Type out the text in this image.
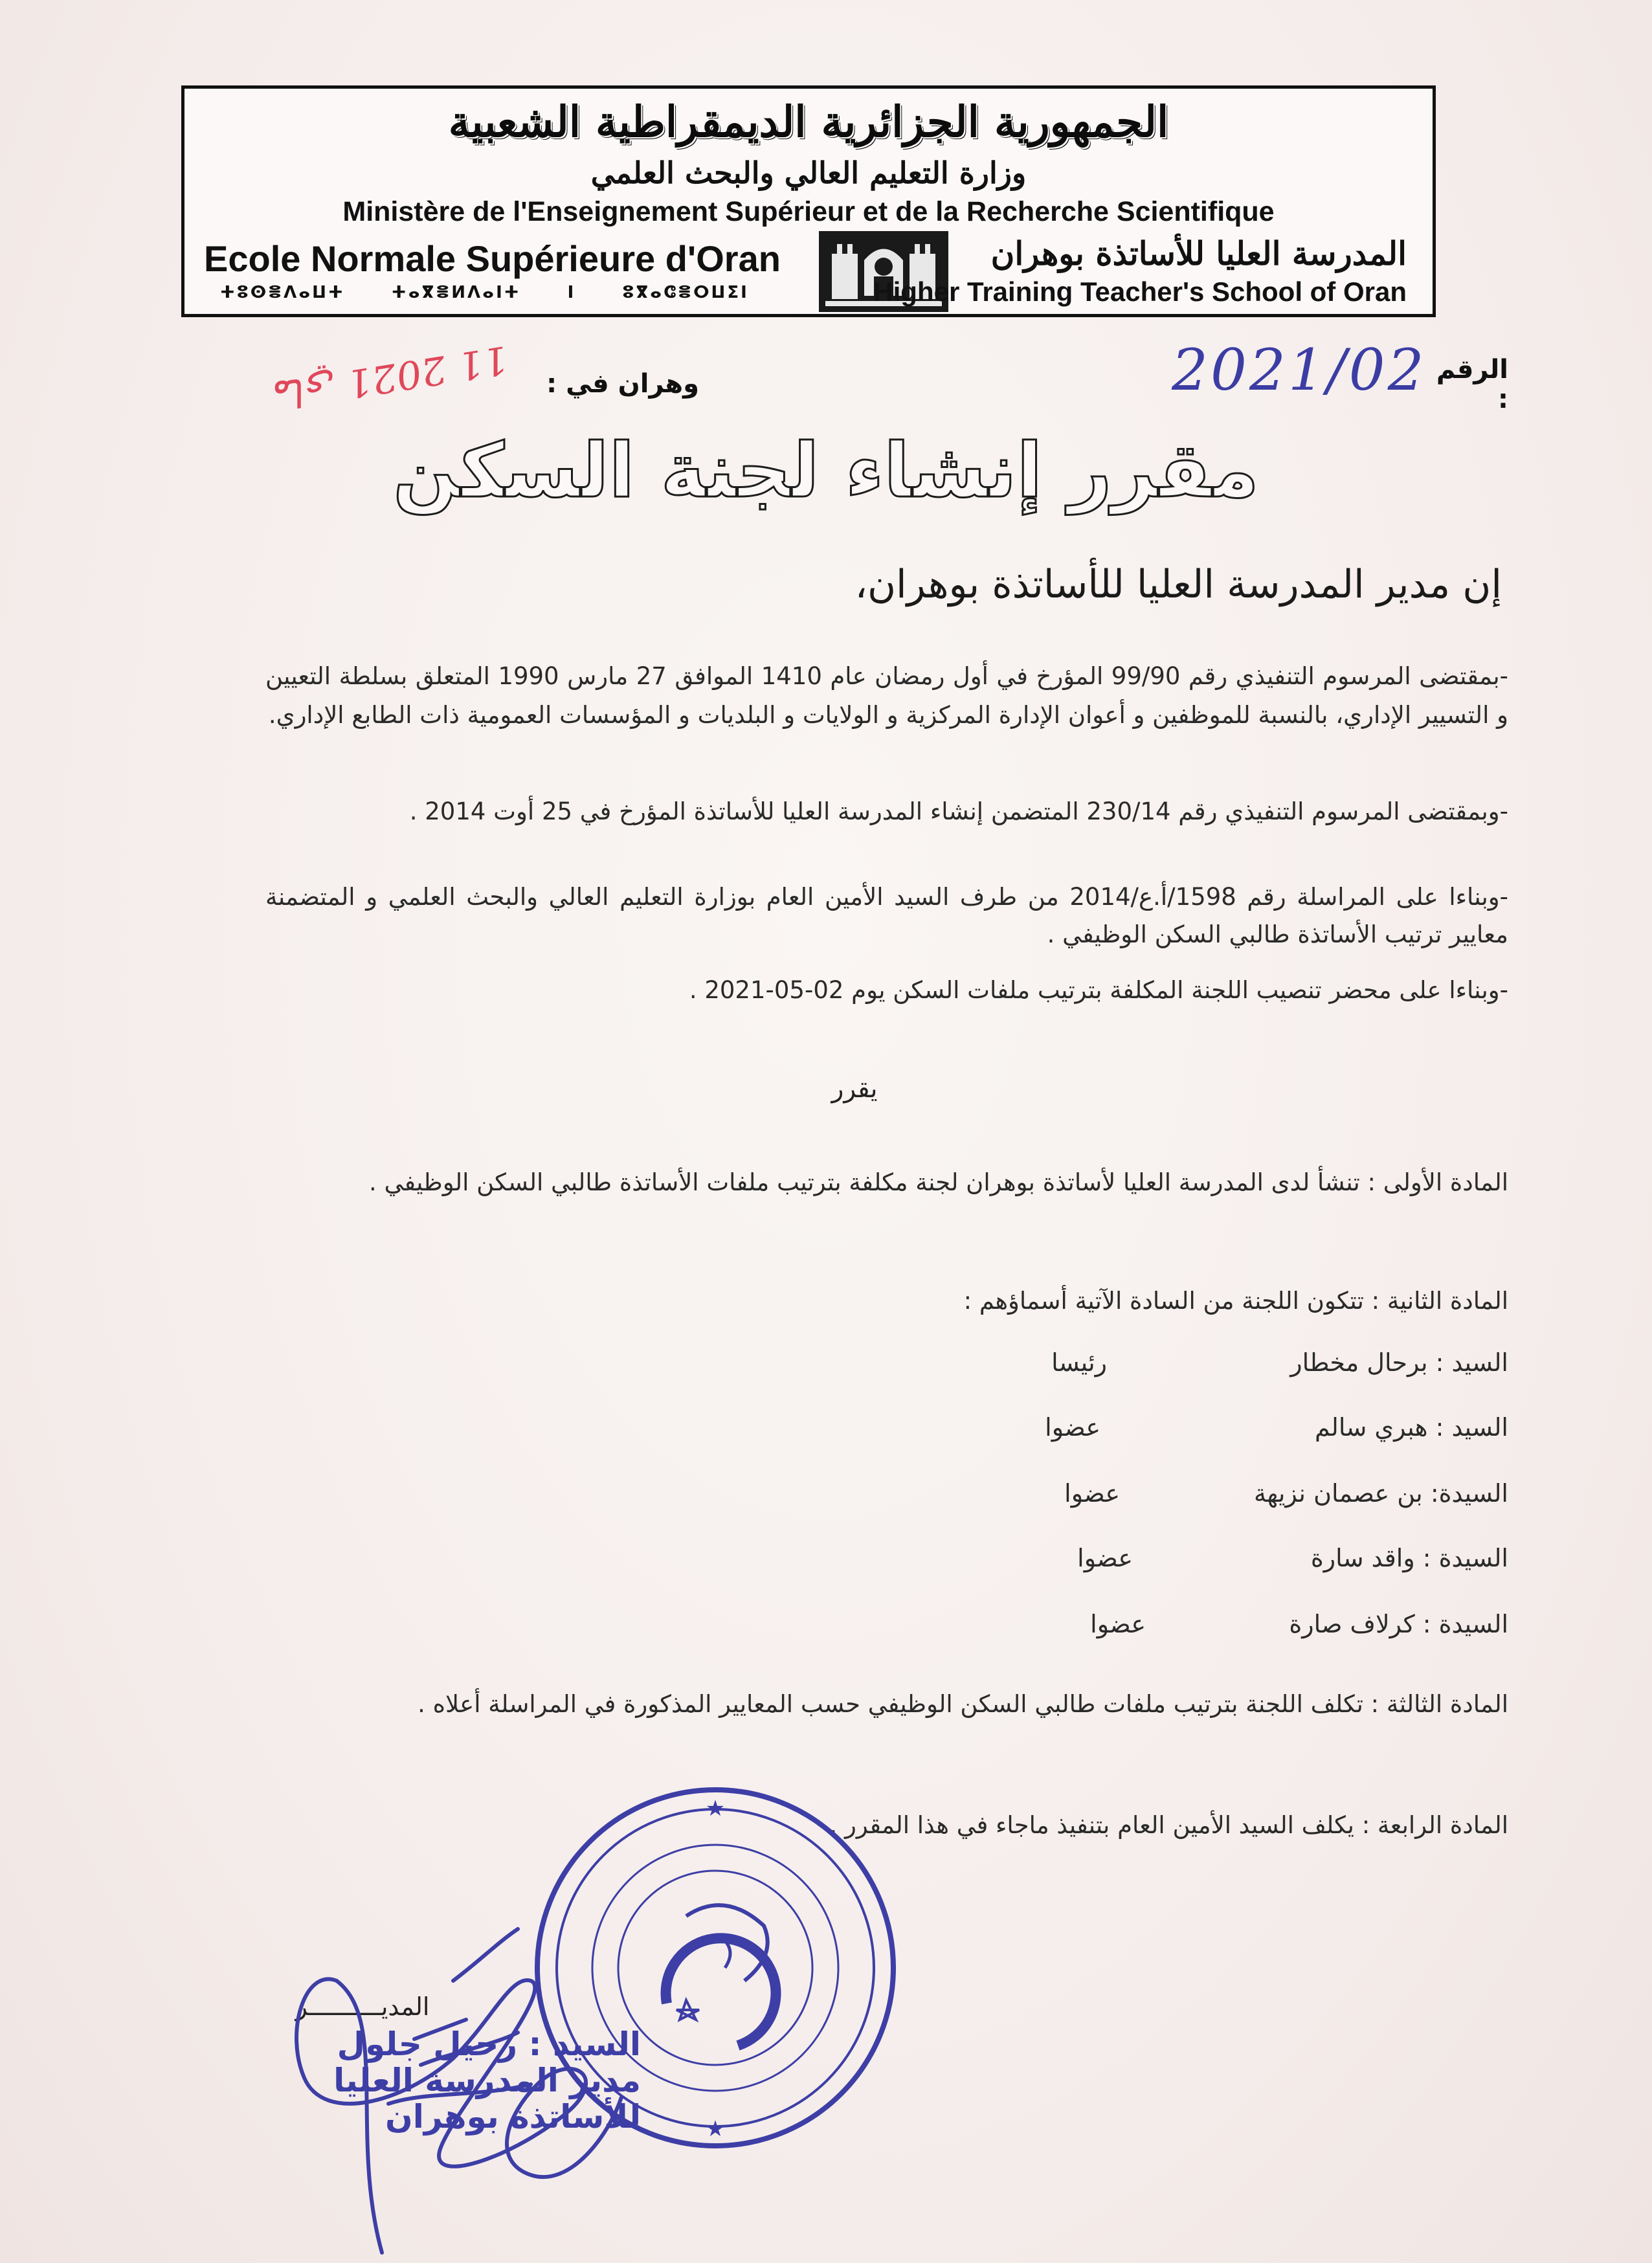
الجمهورية الجزائرية الديمقراطية الشعبية
وزارة التعليم العالي والبحث العلمي
Ministère de l'Enseignement Supérieur et de la Recherche Scientifique
Ecole Normale Supérieure d'Oran
ⵜⵓⵙⴻⴷⴰⵡⵜ ⵜⴰⴳⴻⵍⴷⴰⵏⵜ ⵏ ⵓⴳⴰⵛⴻⵔⵡⵉⵏ
المدرسة العليا للأساتذة بوهران
Higher Training Teacher's School of Oran
الرقم :
2021/02
وهران في :
11 ماي 2021
مقرر إنشاء لجنة السكن
إن مدير المدرسة العليا للأساتذة بوهران،
-بمقتضى المرسوم التنفيذي رقم 99/90 المؤرخ في أول رمضان عام 1410 الموافق 27 مارس 1990 المتعلق بسلطة التعيين و التسيير الإداري، بالنسبة للموظفين و أعوان الإدارة المركزية و الولايات و البلديات و المؤسسات العمومية ذات الطابع الإداري.
-وبمقتضى المرسوم التنفيذي رقم 230/14 المتضمن إنشاء المدرسة العليا للأساتذة المؤرخ في 25 أوت 2014 .
-وبناءا على المراسلة رقم 1598/أ.ع/2014 من طرف السيد الأمين العام بوزارة التعليم العالي والبحث العلمي و المتضمنة معايير ترتيب الأساتذة طالبي السكن الوظيفي .
-وبناءا على محضر تنصيب اللجنة المكلفة بترتيب ملفات السكن يوم 02-05-2021 .
يقرر
المادة الأولى : تنشأ لدى المدرسة العليا لأساتذة بوهران لجنة مكلفة بترتيب ملفات الأساتذة طالبي السكن الوظيفي .
المادة الثانية : تتكون اللجنة من السادة الآتية أسماؤهم :
السيد : برحال مخطار
رئيسا
السيد : هبري سالم
عضوا
السيدة: بن عصمان نزيهة
عضوا
السيدة : واقد سارة
عضوا
السيدة : كرلاف صارة
عضوا
المادة الثالثة : تكلف اللجنة بترتيب ملفات طالبي السكن الوظيفي حسب المعايير المذكورة في المراسلة أعلاه .
المادة الرابعة : يكلف السيد الأمين العام بتنفيذ ماجاء في هذا المقرر .
المديــــــــــر
السيد : رحيل جلول
مدير المدرسة العليا
للأساتذة بوهران
★
★
